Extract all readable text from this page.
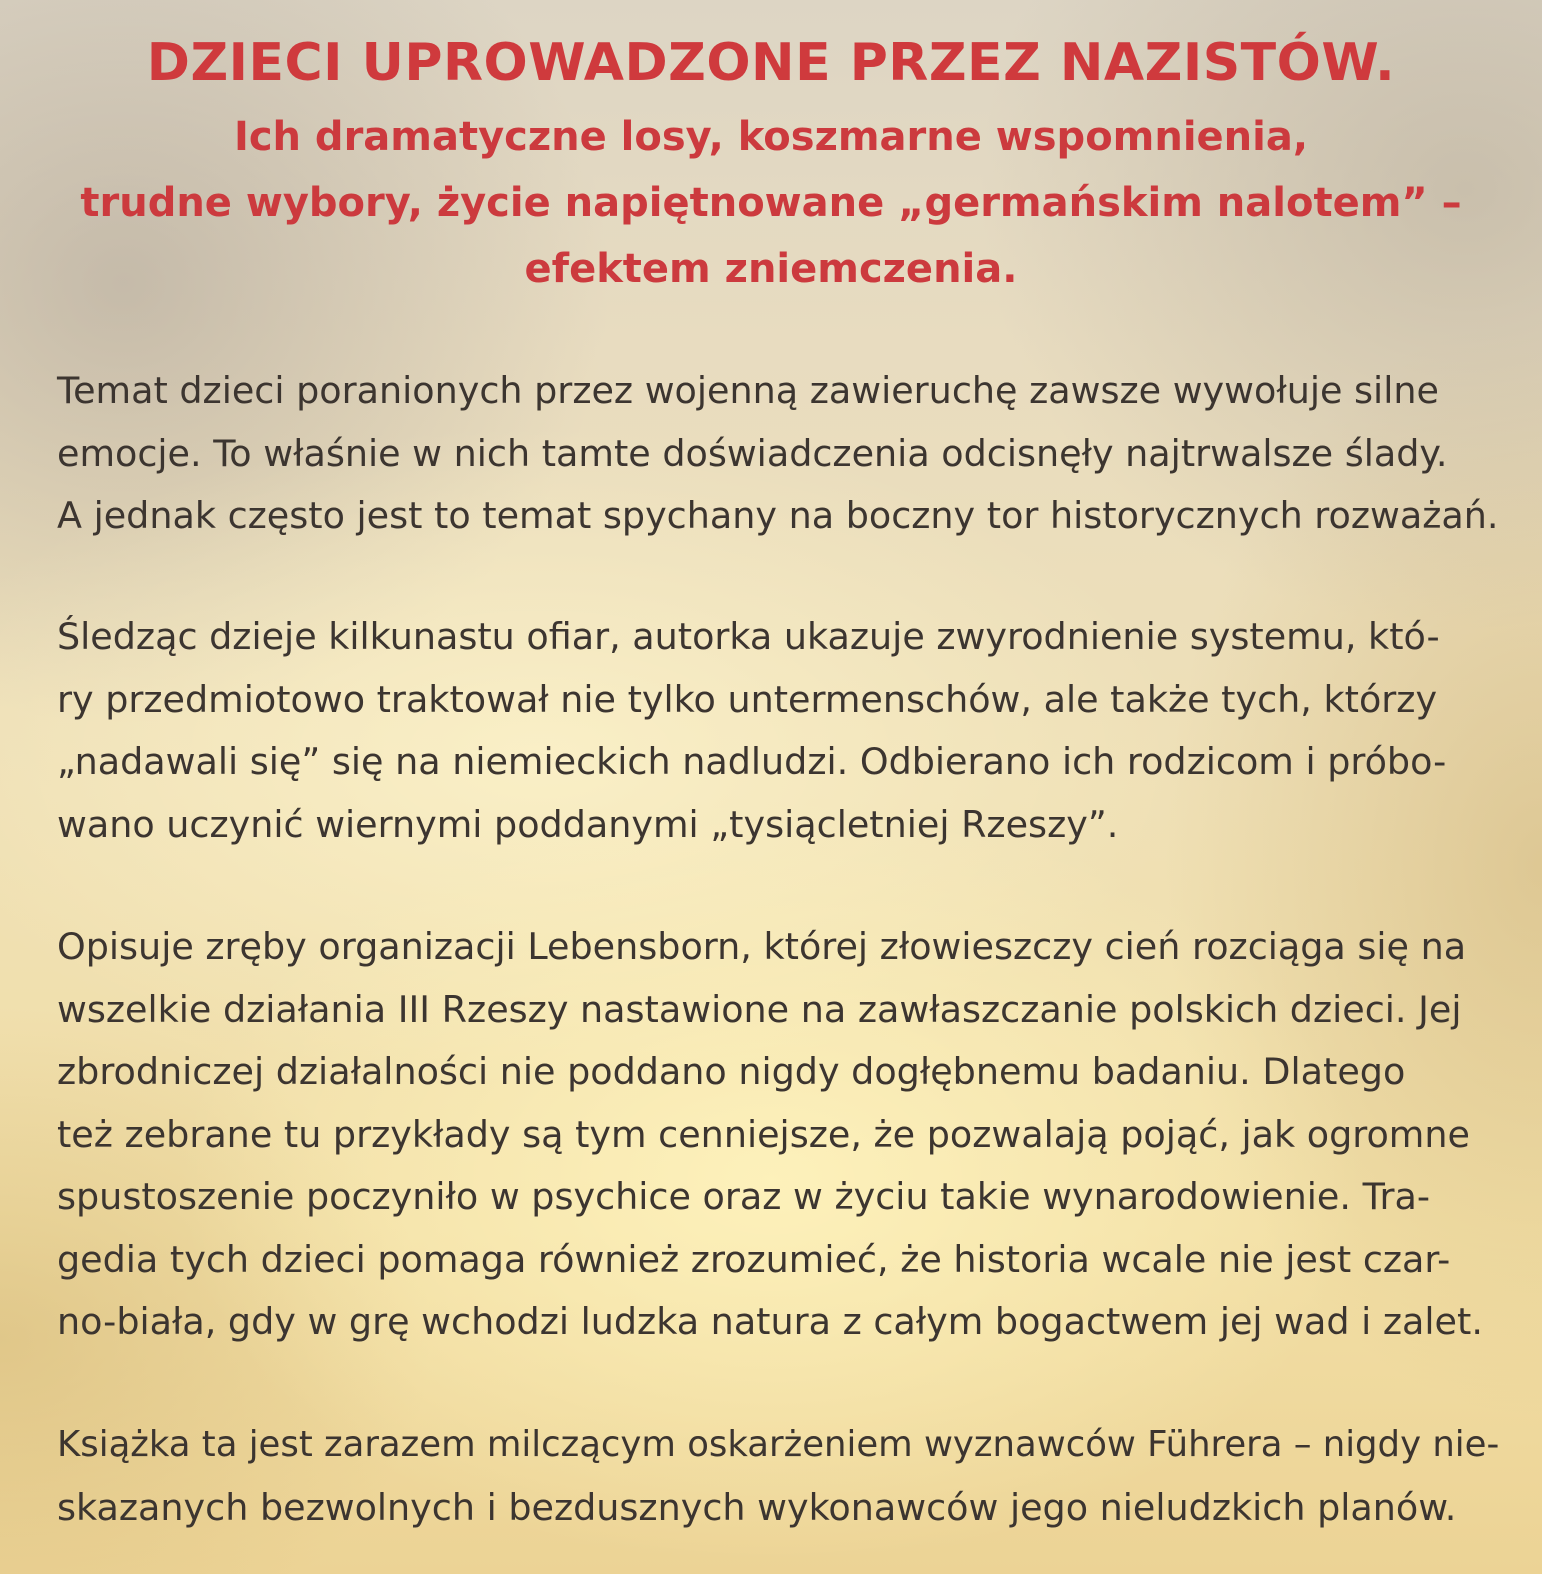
DZIECI UPROWADZONE PRZEZ NAZISTÓW.
Ich dramatyczne losy, koszmarne wspomnienia,
trudne wybory, życie napiętnowane „germańskim nalotem” –
efektem zniemczenia.

Temat dzieci poranionych przez wojenną zawieruchę zawsze wywołuje silne
emocje. To właśnie w nich tamte doświadczenia odcisnęły najtrwalsze ślady.
A jednak często jest to temat spychany na boczny tor historycznych rozważań.

Śledząc dzieje kilkunastu ofiar, autorka ukazuje zwyrodnienie systemu, któ-
ry przedmiotowo traktował nie tylko untermenschów, ale także tych, którzy
„nadawali się” się na niemieckich nadludzi. Odbierano ich rodzicom i próbo-
wano uczynić wiernymi poddanymi „tysiącletniej Rzeszy”.

Opisuje zręby organizacji Lebensborn, której złowieszczy cień rozciąga się na
wszelkie działania III Rzeszy nastawione na zawłaszczanie polskich dzieci. Jej
zbrodniczej działalności nie poddano nigdy dogłębnemu badaniu. Dlatego
też zebrane tu przykłady są tym cenniejsze, że pozwalają pojąć, jak ogromne
spustoszenie poczyniło w psychice oraz w życiu takie wynarodowienie. Tra-
gedia tych dzieci pomaga również zrozumieć, że historia wcale nie jest czar-
no-biała, gdy w grę wchodzi ludzka natura z całym bogactwem jej wad i zalet.

Książka ta jest zarazem milczącym oskarżeniem wyznawców Führera – nigdy nie-
skazanych bezwolnych i bezdusznych wykonawców jego nieludzkich planów.
